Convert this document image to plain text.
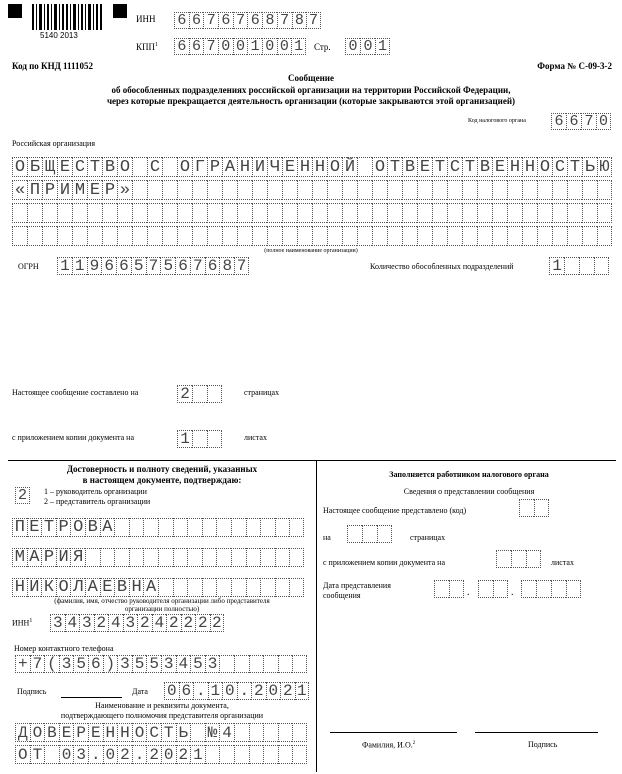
5140 2013
ИНН 6 6 7 6 7 6 8 7 8 7
КПП$^1$ 6 6 7 0 0 1 0 0 1	Стр. 0 0 1
Код по КНД 1111052	Форма № С-09-3-2
Сообщение
об обособленных подразделениях российской организации на территории Российской Федерации,
через которые прекращается деятельность организации (которые закрываются этой организацией)
Код налогового органа 6 6 7 0
Российская организация
О Б Щ Е С Т В О С О Г Р А Н И Ч Е Н Н О Й О Т В Е Т С Т В Е Н Н О С Т Ь Ю
« П Р И М Е Р »
(полное наименование организации)
ОГРН 1 1 9 6 6 5 7 5 6 7 6 8 7	Количество обособленных подразделений 1
Настоящее сообщение составлено на	2	страницах
с приложением копии документа на	1	листах
Достоверность и полноту сведений, указанных
в настоящем документе, подтверждаю:
2	1 – руководитель организации
2 – представитель организации
П Е Т Р О В А
М А Р И Я
Н И К О Л А Е В Н А
(фамилия, имя, отчество руководителя организации либо представителя
организации полностью)
ИНН$^1$ 3 4 3 2 4 3 2 4 2 2 2 2
Номер контактного телефона
+ 7 ( 3 5 6 ) 3 5 5 3 4 5 3
Подпись	Дата 0 6 . 1 0 . 2 0 2 1
Наименование и реквизиты документа,
подтверждающего полномочия представителя организации
Д О В Е Р Е Н Н О С Т Ь № 4
О Т 0 3 . 0 2 . 2 0 2 1
Заполняется работником налогового органа
Сведения о представлении сообщения
Настоящее сообщение представлено (код)
на	страницах
с приложением копии документа на	листах
Дата представления
сообщения	.	.
Фамилия, И.О.$^2$	Подпись
